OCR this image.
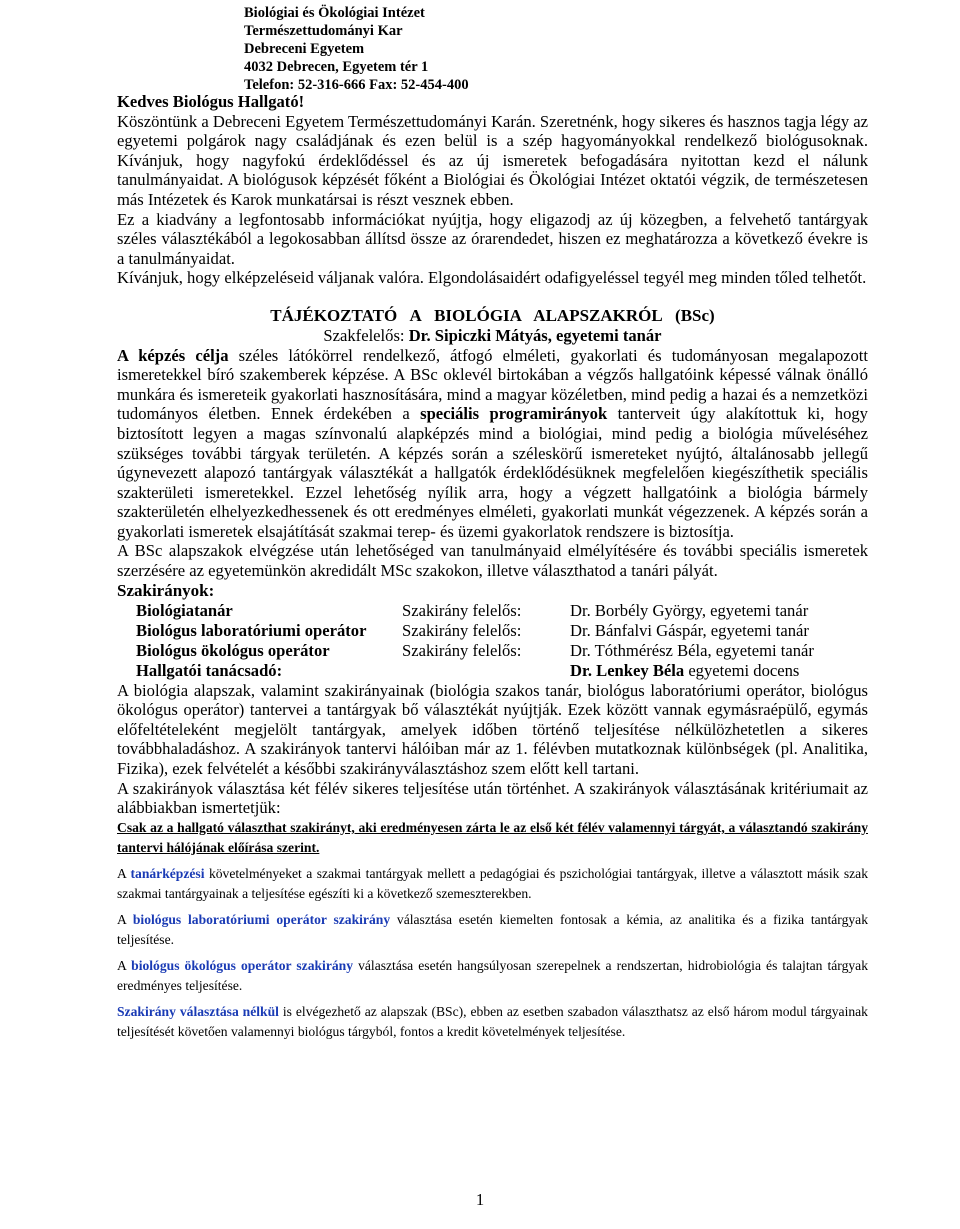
Biológiai és Ökológiai Intézet
Természettudományi Kar
Debreceni Egyetem
4032 Debrecen, Egyetem tér 1
Telefon: 52-316-666 Fax: 52-454-400

Kedves Biológus Hallgató!

Köszöntünk a Debreceni Egyetem Természettudományi Karán. Szeretnénk, hogy sikeres és hasznos tagja légy az egyetemi polgárok nagy családjának és ezen belül is a szép hagyományokkal rendelkező biológusoknak. Kívánjuk, hogy nagyfokú érdeklődéssel és az új ismeretek befogadására nyitottan kezd el nálunk tanulmányaidat. A biológusok képzését főként a Biológiai és Ökológiai Intézet oktatói végzik, de természetesen más Intézetek és Karok munkatársai is részt vesznek ebben.

Ez a kiadvány a legfontosabb információkat nyújtja, hogy eligazodj az új közegben, a felvehető tantárgyak széles választékából a legokosabban állítsd össze az órarendedet, hiszen ez meghatározza a következő évekre is a tanulmányaidat.

Kívánjuk, hogy elképzeléseid váljanak valóra. Elgondolásaidért odafigyeléssel tegyél meg minden tőled telhetőt.

TÁJÉKOZTATÓ A BIOLÓGIA ALAPSZAKRÓL (BSc)
Szakfelelős: Dr. Sipiczki Mátyás, egyetemi tanár

A képzés célja széles látókörrel rendelkező, átfogó elméleti, gyakorlati és tudományosan megalapozott ismeretekkel bíró szakemberek képzése. A BSc oklevél birtokában a végzős hallgatóink képessé válnak önálló munkára és ismereteik gyakorlati hasznosítására, mind a magyar közéletben, mind pedig a hazai és a nemzetközi tudományos életben. Ennek érdekében a speciális programirányok tanterveit úgy alakítottuk ki, hogy biztosított legyen a magas színvonalú alapképzés mind a biológiai, mind pedig a biológia műveléséhez szükséges további tárgyak területén. A képzés során a széleskörű ismereteket nyújtó, általánosabb jellegű úgynevezett alapozó tantárgyak választékát a hallgatók érdeklődésüknek megfelelően kiegészíthetik speciális szakterületi ismeretekkel. Ezzel lehetőség nyílik arra, hogy a végzett hallgatóink a biológia bármely szakterületén elhelyezkedhessenek és ott eredményes elméleti, gyakorlati munkát végezzenek. A képzés során a gyakorlati ismeretek elsajátítását szakmai terep- és üzemi gyakorlatok rendszere is biztosítja.

A BSc alapszakok elvégzése után lehetőséged van tanulmányaid elmélyítésére és további speciális ismeretek szerzésére az egyetemünkön akredidált MSc szakokon, illetve választhatod a tanári pályát.

Szakirányok:
Biológiatanár	Szakirány felelős:	Dr. Borbély György, egyetemi tanár
Biológus laboratóriumi operátor	Szakirány felelős:	Dr. Bánfalvi Gáspár, egyetemi tanár
Biológus ökológus operátor	Szakirány felelős:	Dr. Tóthmérész Béla, egyetemi tanár
Hallgatói tanácsadó:		Dr. Lenkey Béla egyetemi docens

A biológia alapszak, valamint szakirányainak (biológia szakos tanár, biológus laboratóriumi operátor, biológus ökológus operátor) tantervei a tantárgyak bő választékát nyújtják. Ezek között vannak egymásraépülő, egymás előfeltételeként megjelölt tantárgyak, amelyek időben történő teljesítése nélkülözhetetlen a sikeres továbbhaladáshoz. A szakirányok tantervi hálóiban már az 1. félévben mutatkoznak különbségek (pl. Analitika, Fizika), ezek felvételét a későbbi szakirányválasztáshoz szem előtt kell tartani.

A szakirányok választása két félév sikeres teljesítése után történhet. A szakirányok választásának kritériumait az alábbiakban ismertetjük:

Csak az a hallgató választhat szakirányt, aki eredményesen zárta le az első két félév valamennyi tárgyát, a választandó szakirány tantervi hálójának előírása szerint.

A tanárképzési követelményeket a szakmai tantárgyak mellett a pedagógiai és pszichológiai tantárgyak, illetve a választott másik szak szakmai tantárgyainak a teljesítése egészíti ki a következő szemeszterekben.

A biológus laboratóriumi operátor szakirány választása esetén kiemelten fontosak a kémia, az analitika és a fizika tantárgyak teljesítése.

A biológus ökológus operátor szakirány választása esetén hangsúlyosan szerepelnek a rendszertan, hidrobiológia és talajtan tárgyak eredményes teljesítése.

Szakirány választása nélkül is elvégezhető az alapszak (BSc), ebben az esetben szabadon választhatsz az első három modul tárgyainak teljesítését követően valamennyi biológus tárgyból, fontos a kredit követelmények teljesítése.

1
